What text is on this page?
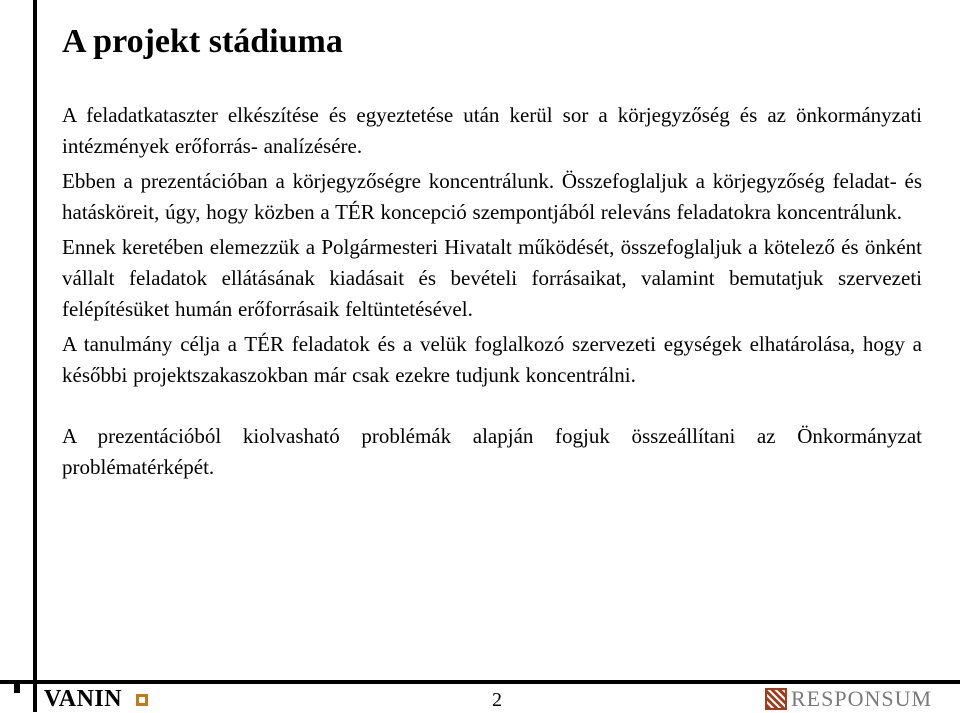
A projekt stádiuma

A feladatkataszter elkészítése és egyeztetése után kerül sor a körjegyzőség és az önkormányzati intézmények erőforrás- analízésére.

Ebben a prezentációban a körjegyzőségre koncentrálunk. Összefoglaljuk a körjegyzőség feladat- és hatásköreit, úgy, hogy közben a TÉR koncepció szempontjából releváns feladatokra koncentrálunk.

Ennek keretében elemezzük a Polgármesteri Hivatalt működését, összefoglaljuk a kötelező és önként vállalt feladatok ellátásának kiadásait és bevételi forrásaikat, valamint bemutatjuk szervezeti felépítésüket humán erőforrásaik feltüntetésével.

A tanulmány célja a TÉR feladatok és a velük foglalkozó szervezeti egységek elhatárolása, hogy a későbbi projektszakaszokban már csak ezekre tudjunk koncentrálni.

A prezentációból kiolvasható problémák alapján fogjuk összeállítani az Önkormányzat problématérképét.

VANIN	2	RESPONSUM
